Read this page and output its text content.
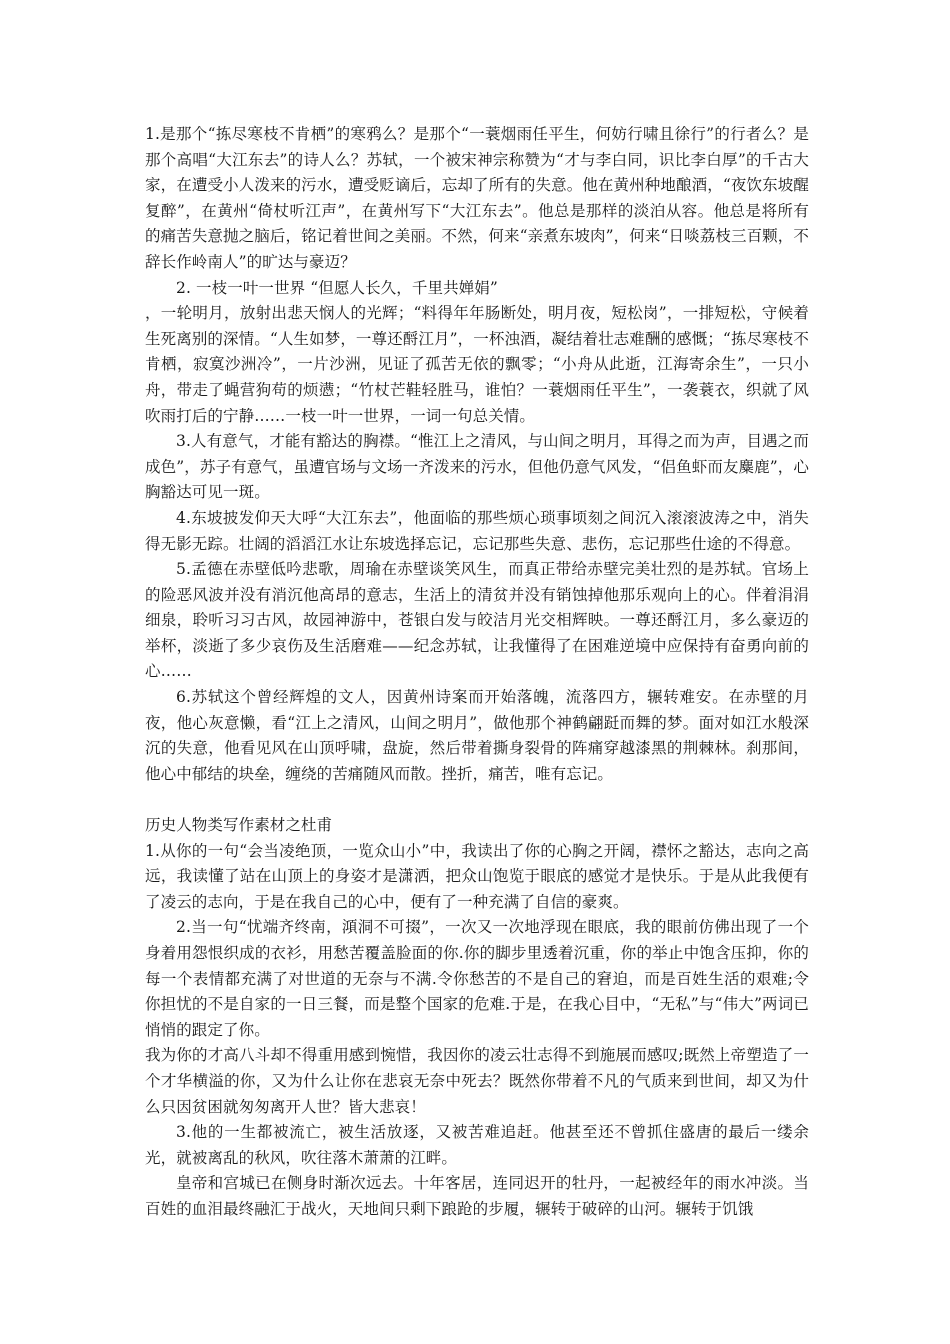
1.是那个“拣尽寒枝不肯栖”的寒鸦么？是那个“一蓑烟雨任平生，何妨行啸且徐行”的行者么？是那个高唱“大江东去”的诗人么？苏轼，一个被宋神宗称赞为“才与李白同，识比李白厚”的千古大家，在遭受小人泼来的污水，遭受贬谪后，忘却了所有的失意。他在黄州种地酿酒，“夜饮东坡醒复醉”，在黄州“倚杖听江声”，在黄州写下“大江东去”。他总是那样的淡泊从容。他总是将所有的痛苦失意抛之脑后，铭记着世间之美丽。不然，何来“亲煮东坡肉”，何来“日啖荔枝三百颗，不辞长作岭南人”的旷达与豪迈？

2. 一枝一叶一世界 “但愿人长久，千里共婵娟”

，一轮明月，放射出悲天悯人的光辉；“料得年年肠断处，明月夜，短松岗”，一排短松，守候着生死离别的深情。“人生如梦，一尊还酹江月”，一杯浊酒，凝结着壮志难酬的感慨；“拣尽寒枝不肯栖，寂寞沙洲冷”，一片沙洲，见证了孤苦无依的飘零；“小舟从此逝，江海寄余生”，一只小舟，带走了蝇营狗苟的烦懑；“竹杖芒鞋轻胜马，谁怕？一蓑烟雨任平生”，一袭蓑衣，织就了风吹雨打后的宁静……一枝一叶一世界，一词一句总关情。

3.人有意气，才能有豁达的胸襟。“惟江上之清风，与山间之明月，耳得之而为声，目遇之而成色”，苏子有意气，虽遭官场与文场一齐泼来的污水，但他仍意气风发，“侣鱼虾而友麋鹿”，心胸豁达可见一斑。

4.东坡披发仰天大呼“大江东去”，他面临的那些烦心琐事顷刻之间沉入滚滚波涛之中，消失得无影无踪。壮阔的滔滔江水让东坡选择忘记，忘记那些失意、悲伤，忘记那些仕途的不得意。

5.孟德在赤壁低吟悲歌，周瑜在赤壁谈笑风生，而真正带给赤壁完美壮烈的是苏轼。官场上的险恶风波并没有消沉他高昂的意志，生活上的清贫并没有销蚀掉他那乐观向上的心。伴着涓涓细泉，聆听习习古风，故园神游中，苍银白发与皎洁月光交相辉映。一尊还酹江月，多么豪迈的举杯，淡逝了多少哀伤及生活磨难——纪念苏轼，让我懂得了在困难逆境中应保持有奋勇向前的心……

6.苏轼这个曾经辉煌的文人，因黄州诗案而开始落魄，流落四方，辗转难安。在赤壁的月夜，他心灰意懒，看“江上之清风，山间之明月”，做他那个神鹤翩跹而舞的梦。面对如江水般深沉的失意，他看见风在山顶呼啸，盘旋，然后带着撕身裂骨的阵痛穿越漆黑的荆棘林。刹那间，他心中郁结的块垒，缠绕的苦痛随风而散。挫折，痛苦，唯有忘记。

历史人物类写作素材之杜甫

1.从你的一句“会当凌绝顶，一览众山小”中，我读出了你的心胸之开阔，襟怀之豁达，志向之高远，我读懂了站在山顶上的身姿才是潇洒，把众山饱览于眼底的感觉才是快乐。于是从此我便有了凌云的志向，于是在我自己的心中，便有了一种充满了自信的豪爽。

2.当一句“忧端齐终南，澒洞不可掇”，一次又一次地浮现在眼底，我的眼前仿佛出现了一个身着用怨恨织成的衣衫，用愁苦覆盖脸面的你.你的脚步里透着沉重，你的举止中饱含压抑，你的每一个表情都充满了对世道的无奈与不满.令你愁苦的不是自己的窘迫，而是百姓生活的艰难;令你担忧的不是自家的一日三餐，而是整个国家的危难.于是，在我心目中，“无私”与“伟大”两词已悄悄的跟定了你。

我为你的才高八斗却不得重用感到惋惜，我因你的凌云壮志得不到施展而感叹;既然上帝塑造了一个才华横溢的你，又为什么让你在悲哀无奈中死去？既然你带着不凡的气质来到世间，却又为什么只因贫困就匆匆离开人世？皆大悲哀！

3.他的一生都被流亡，被生活放逐，又被苦难追赶。他甚至还不曾抓住盛唐的最后一缕余光，就被离乱的秋风，吹往落木萧萧的江畔。

皇帝和宫城已在侧身时渐次远去。十年客居，连同迟开的牡丹，一起被经年的雨水冲淡。当百姓的血泪最终融汇于战火，天地间只剩下踉跄的步履，辗转于破碎的山河。辗转于饥饿
